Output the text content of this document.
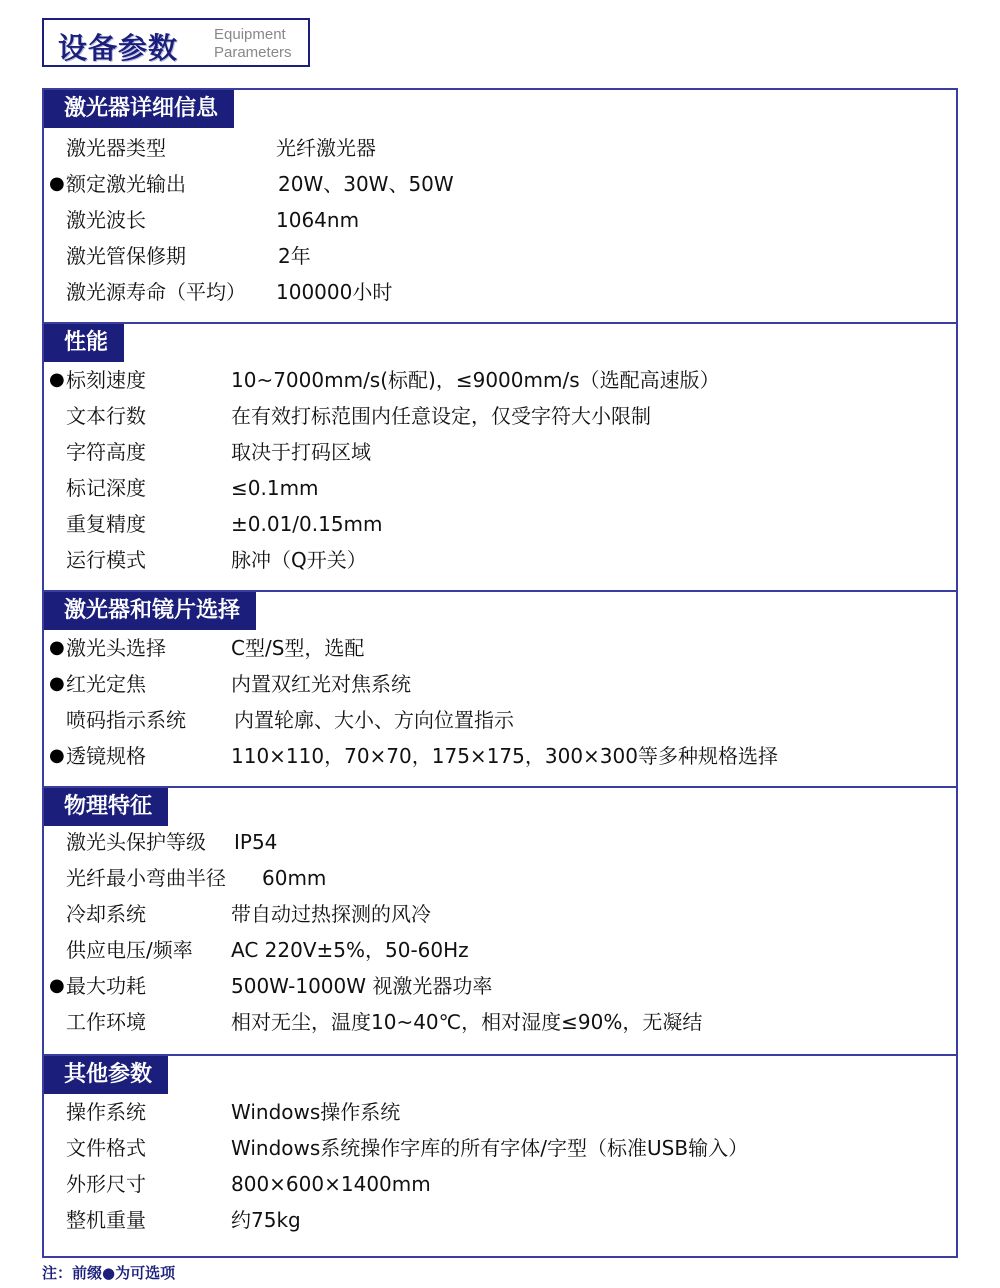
设备参数 Equipment
Parameters
激光器详细信息
激光器类型	光纤激光器
● 额定激光输出	20W、30W、50W
激光波长	1064nm
激光管保修期	2年
激光源寿命（平均） 100000小时
性能
● 标刻速度	10~7000mm/s(标配)，≤9000mm/s（选配高速版）
文本行数	在有效打标范围内任意设定，仅受字符大小限制
字符高度	取决于打码区域
标记深度	≤0.1mm
重复精度	±0.01/0.15mm
运行模式	脉冲（Q开关）
激光器和镜片选择
● 激光头选择	C型/S型，选配
● 红光定焦	内置双红光对焦系统
喷码指示系统 内置轮廓、大小、方向位置指示
● 透镜规格	110×110，70×70，175×175，300×300等多种规格选择
物理特征
激光头保护等级 IP54
光纤最小弯曲半径 60mm
冷却系统	带自动过热探测的风冷
供应电压/频率 AC 220V±5%，50-60Hz
● 最大功耗	500W-1000W 视激光器功率
工作环境	相对无尘，温度10~40℃，相对湿度≤90%，无凝结
其他参数
操作系统	Windows操作系统
文件格式	Windows系统操作字库的所有字体/字型（标准USB输入）
外形尺寸	800×600×1400mm
整机重量	约75kg
注：前缀●为可选项
